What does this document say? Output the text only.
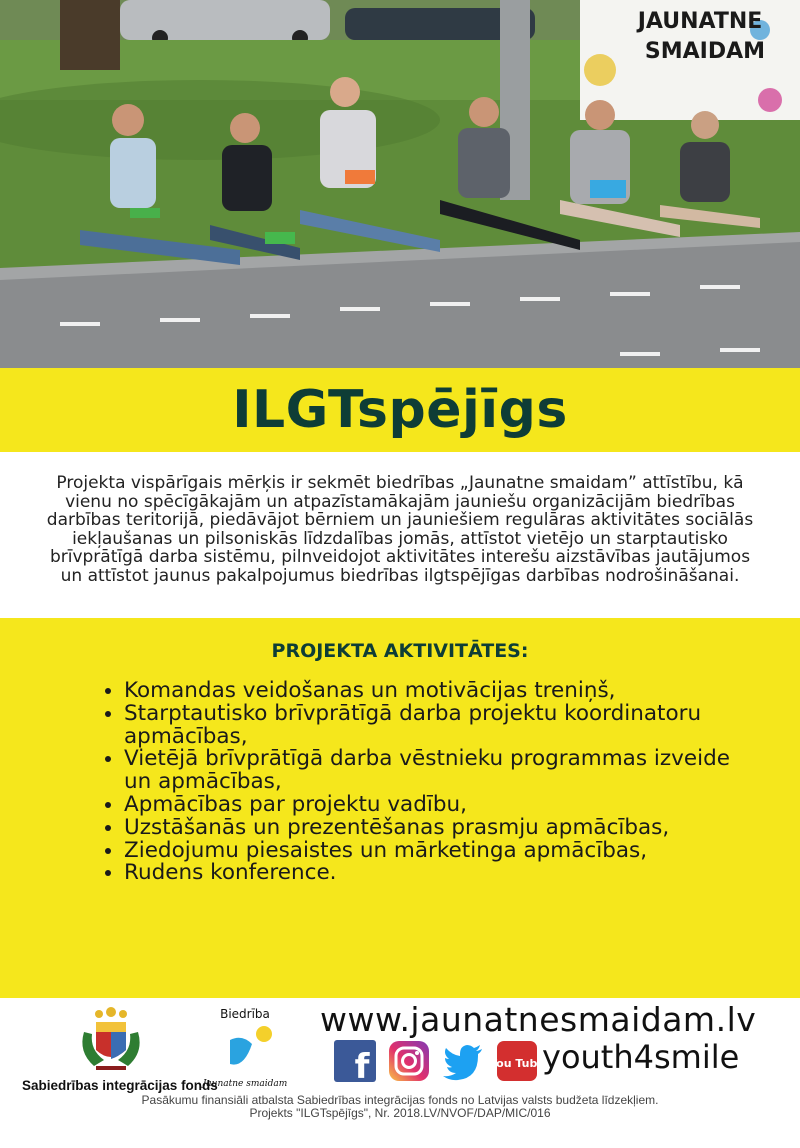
JAUNATNE
SMAIDAM
ILGTspējīgs
Projekta vispārīgais mērķis ir sekmēt biedrības „Jaunatne smaidam” attīstību, kā vienu no spēcīgākajām un atpazīstamākajām jauniešu organizācijām biedrības darbības teritorijā, piedāvājot bērniem un jauniešiem regulāras aktivitātes sociālās iekļaušanas un pilsoniskās līdzdalības jomās, attīstot vietējo un starptautisko brīvprātīgā darba sistēmu, pilnveidojot aktivitātes interešu aizstāvības jautājumos un attīstot jaunus pakalpojumus biedrības ilgtspējīgas darbības nodrošināšanai.
PROJEKTA AKTIVITĀTES:
• Komandas veidošanas un motivācijas treniņš,
• Starptautisko brīvprātīgā darba projektu koordinatoru apmācības,
• Vietējā brīvprātīgā darba vēstnieku programmas izveide un apmācības,
• Apmācības par projektu vadību,
• Uzstāšanās un prezentēšanas prasmju apmācības,
• Ziedojumu piesaistes un mārketinga apmācības,
• Rudens konference.
Sabiedrības integrācijas fonds
Biedrība
Jaunatne smaidam
www.jaunatnesmaidam.lv
f	You Tube
youth4smile
Pasākumu finansiāli atbalsta Sabiedrības integrācijas fonds no Latvijas valsts budžeta līdzekļiem.
Projekts "ILGTspējīgs", Nr. 2018.LV/NVOF/DAP/MIC/016
